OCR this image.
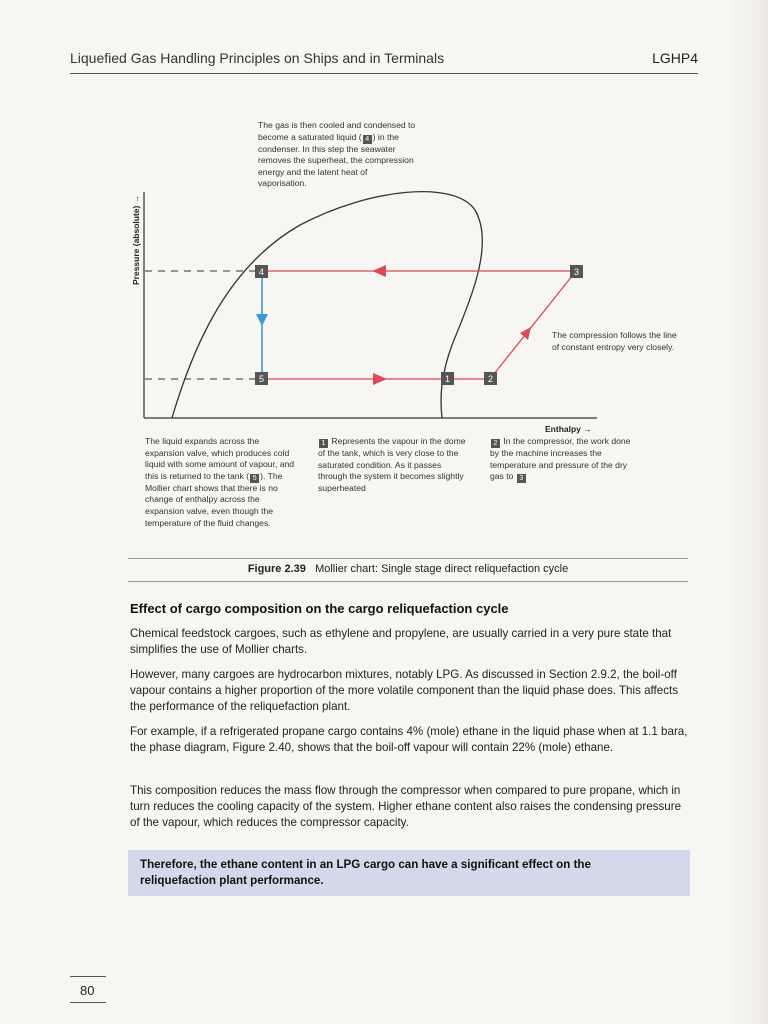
Liquefied Gas Handling Principles on Ships and in Terminals	LGHP4
4
5	1	2
3
Pressure (absolute) →
Enthalpy →
The gas is then cooled and condensed to become a saturated liquid ( 4 ) in the condenser. In this step the seawater removes the superheat, the compression energy and the latent heat of vaporisation.
The compression follows the line of constant entropy very closely.
The liquid expands across the expansion valve, which produces cold liquid with some amount of vapour, and this is returned to the tank ( 5 ). The Mollier chart shows that there is no change of enthalpy across the expansion valve, even though the temperature of the fluid changes.
1 Represents the vapour in the dome of the tank, which is very close to the saturated condition. As it passes through the system it becomes slightly superheated
2 In the compressor, the work done by the machine increases the temperature and pressure of the dry gas to 3
Figure 2.39 Mollier chart: Single stage direct reliquefaction cycle
Effect of cargo composition on the cargo reliquefaction cycle
Chemical feedstock cargoes, such as ethylene and propylene, are usually carried in a very pure state that simplifies the use of Mollier charts.
However, many cargoes are hydrocarbon mixtures, notably LPG. As discussed in Section 2.9.2, the boil-off vapour contains a higher proportion of the more volatile component than the liquid phase does. This affects the performance of the reliquefaction plant.
For example, if a refrigerated propane cargo contains 4% (mole) ethane in the liquid phase when at 1.1 bara, the phase diagram, Figure 2.40, shows that the boil-off vapour will contain 22% (mole) ethane.
This composition reduces the mass flow through the compressor when compared to pure propane, which in turn reduces the cooling capacity of the system. Higher ethane content also raises the condensing pressure of the vapour, which reduces the compressor capacity.
Therefore, the ethane content in an LPG cargo can have a significant effect on the reliquefaction plant performance.
80
